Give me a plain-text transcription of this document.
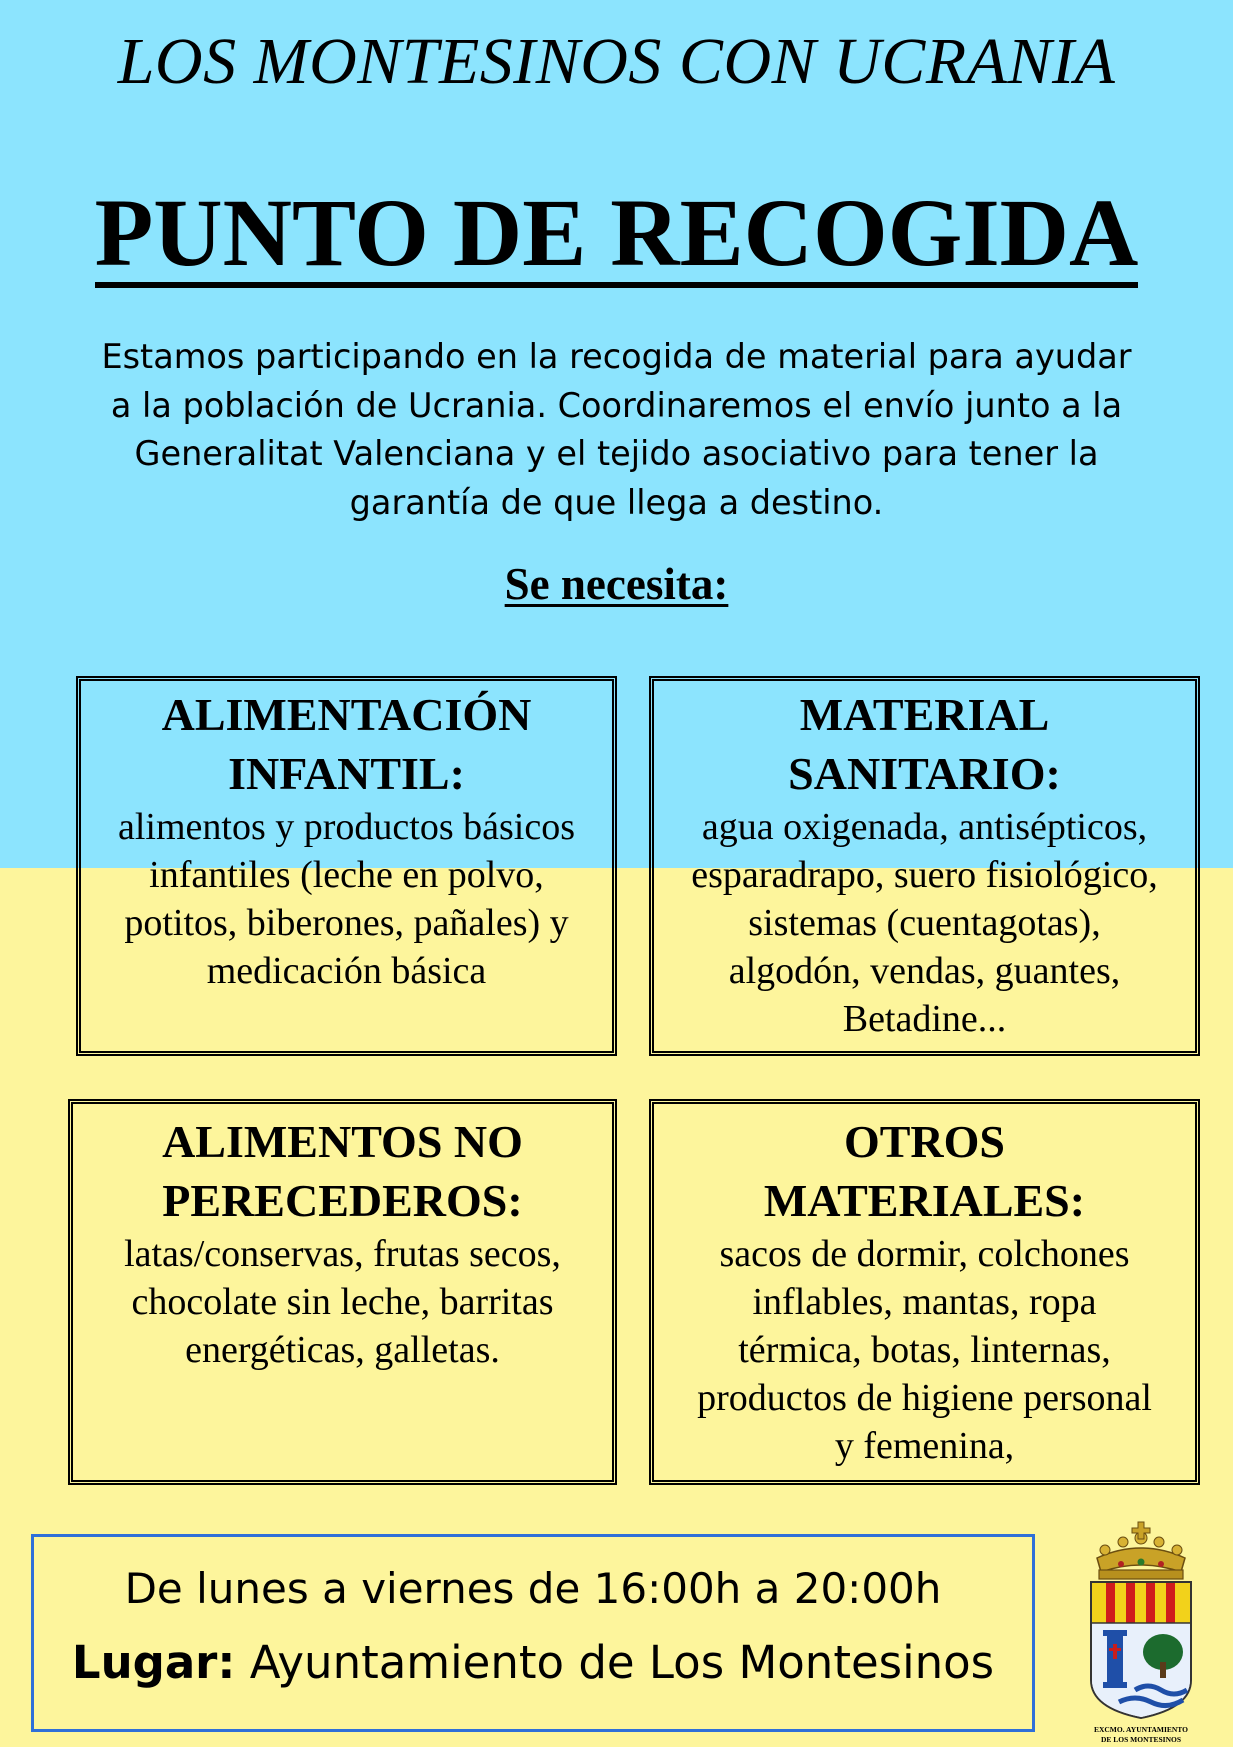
LOS MONTESINOS CON UCRANIA
PUNTO DE RECOGIDA
Estamos participando en la recogida de material para ayudar
a la población de Ucrania. Coordinaremos el envío junto a la
Generalitat Valenciana y el tejido asociativo para tener la
garantía de que llega a destino.
Se necesita:
ALIMENTACIÓN
INFANTIL:
alimentos y productos básicos
infantiles (leche en polvo,
potitos, biberones, pañales) y
medicación básica
MATERIAL
SANITARIO:
agua oxigenada, antisépticos,
esparadrapo, suero fisiológico,
sistemas (cuentagotas),
algodón, vendas, guantes,
Betadine...
ALIMENTOS NO
PERECEDEROS:
latas/conservas, frutas secos,
chocolate sin leche, barritas
energéticas, galletas.
OTROS
MATERIALES:
sacos de dormir, colchones
inflables, mantas, ropa
térmica, botas, linternas,
productos de higiene personal
y femenina,
De lunes a viernes de 16:00h a 20:00h
Lugar: Ayuntamiento de Los Montesinos
EXCMO. AYUNTAMIENTO
DE LOS MONTESINOS
